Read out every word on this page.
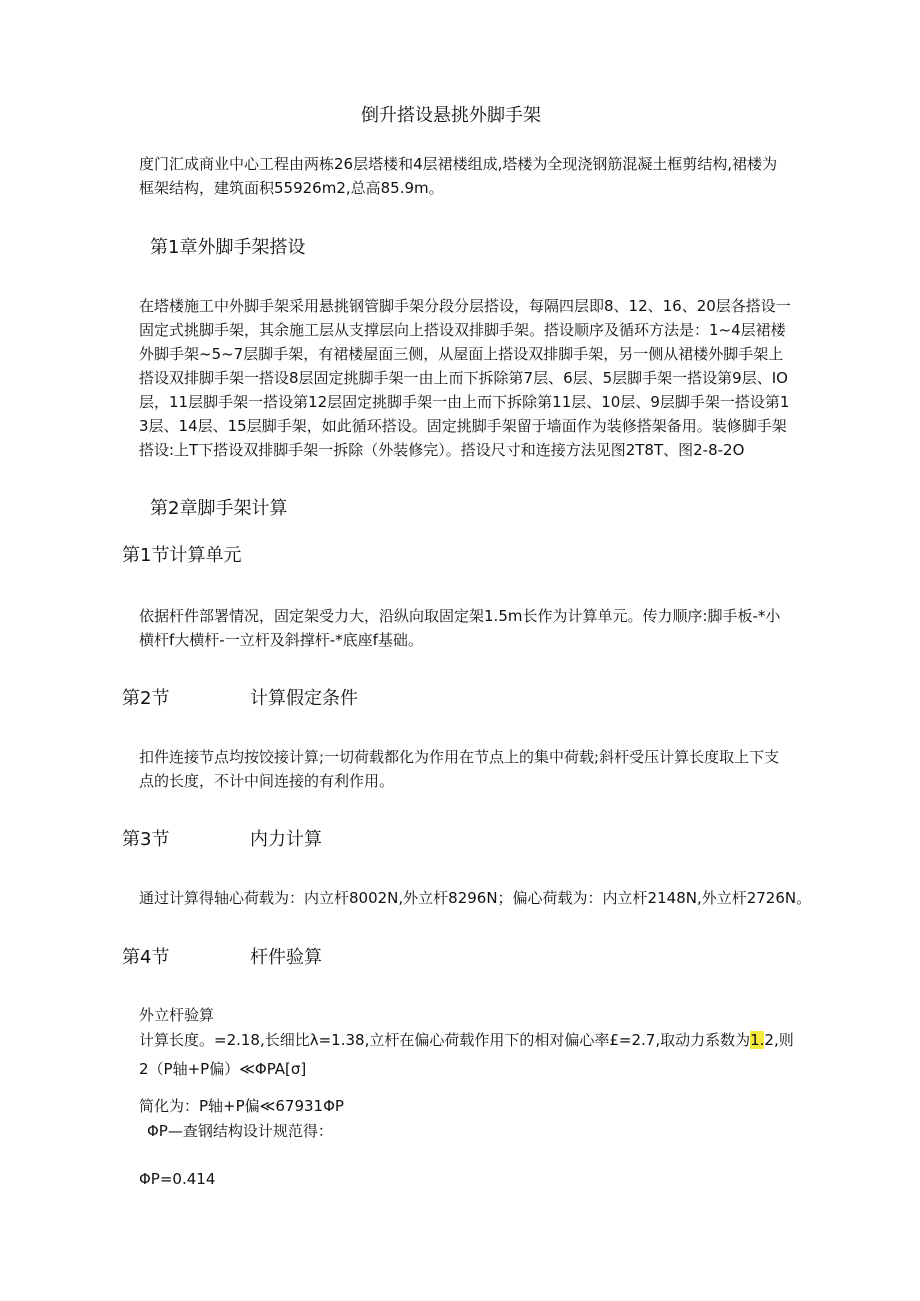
倒升搭设悬挑外脚手架
度门汇成商业中心工程由两栋26层塔楼和4层裙楼组成,塔楼为全现浇钢筋混凝土框剪结构,裙楼为框架结构，建筑面积55926m2,总高85.9m。
第1章外脚手架搭设
在塔楼施工中外脚手架采用悬挑钢管脚手架分段分层搭设，每隔四层即8、12、16、20层各搭设一固定式挑脚手架，其余施工层从支撑层向上搭设双排脚手架。搭设顺序及循环方法是：1~4层裙楼外脚手架~5~7层脚手架，有裙楼屋面三侧，从屋面上搭设双排脚手架，另一侧从裙楼外脚手架上搭设双排脚手架一搭设8层固定挑脚手架一由上而下拆除第7层、6层、5层脚手架一搭设第9层、IO层，11层脚手架一搭设第12层固定挑脚手架一由上而下拆除第11层、10层、9层脚手架一搭设第13层、14层、15层脚手架，如此循环搭设。固定挑脚手架留于墙面作为装修搭架备用。装修脚手架搭设:上T下搭设双排脚手架一拆除（外装修完）。搭设尺寸和连接方法见图2T8T、图2-8-2O
第2章脚手架计算
第1节计算单元
依据杆件部署情况，固定架受力大，沿纵向取固定架1.5m长作为计算单元。传力顺序:脚手板-*小横杆f大横杆-一立杆及斜撑杆-*底座f基础。
第2节	计算假定条件
扣件连接节点均按饺接计算;一切荷载都化为作用在节点上的集中荷载;斜杆受压计算长度取上下支点的长度，不计中间连接的有利作用。
第3节	内力计算
通过计算得轴心荷载为：内立杆8002N,外立杆8296N；偏心荷载为：内立杆2148N,外立杆2726N。
第4节	杆件验算
外立杆验算
计算长度。=2.18,长细比λ=1.38,立杆在偏心荷载作用下的相对偏心率£=2.7,取动力系数为1.2,则
2（P轴+P偏）≪ΦPA[σ]
简化为：P轴+P偏≪67931ΦP
ΦP—查钢结构设计规范得：
ΦP=0.414
